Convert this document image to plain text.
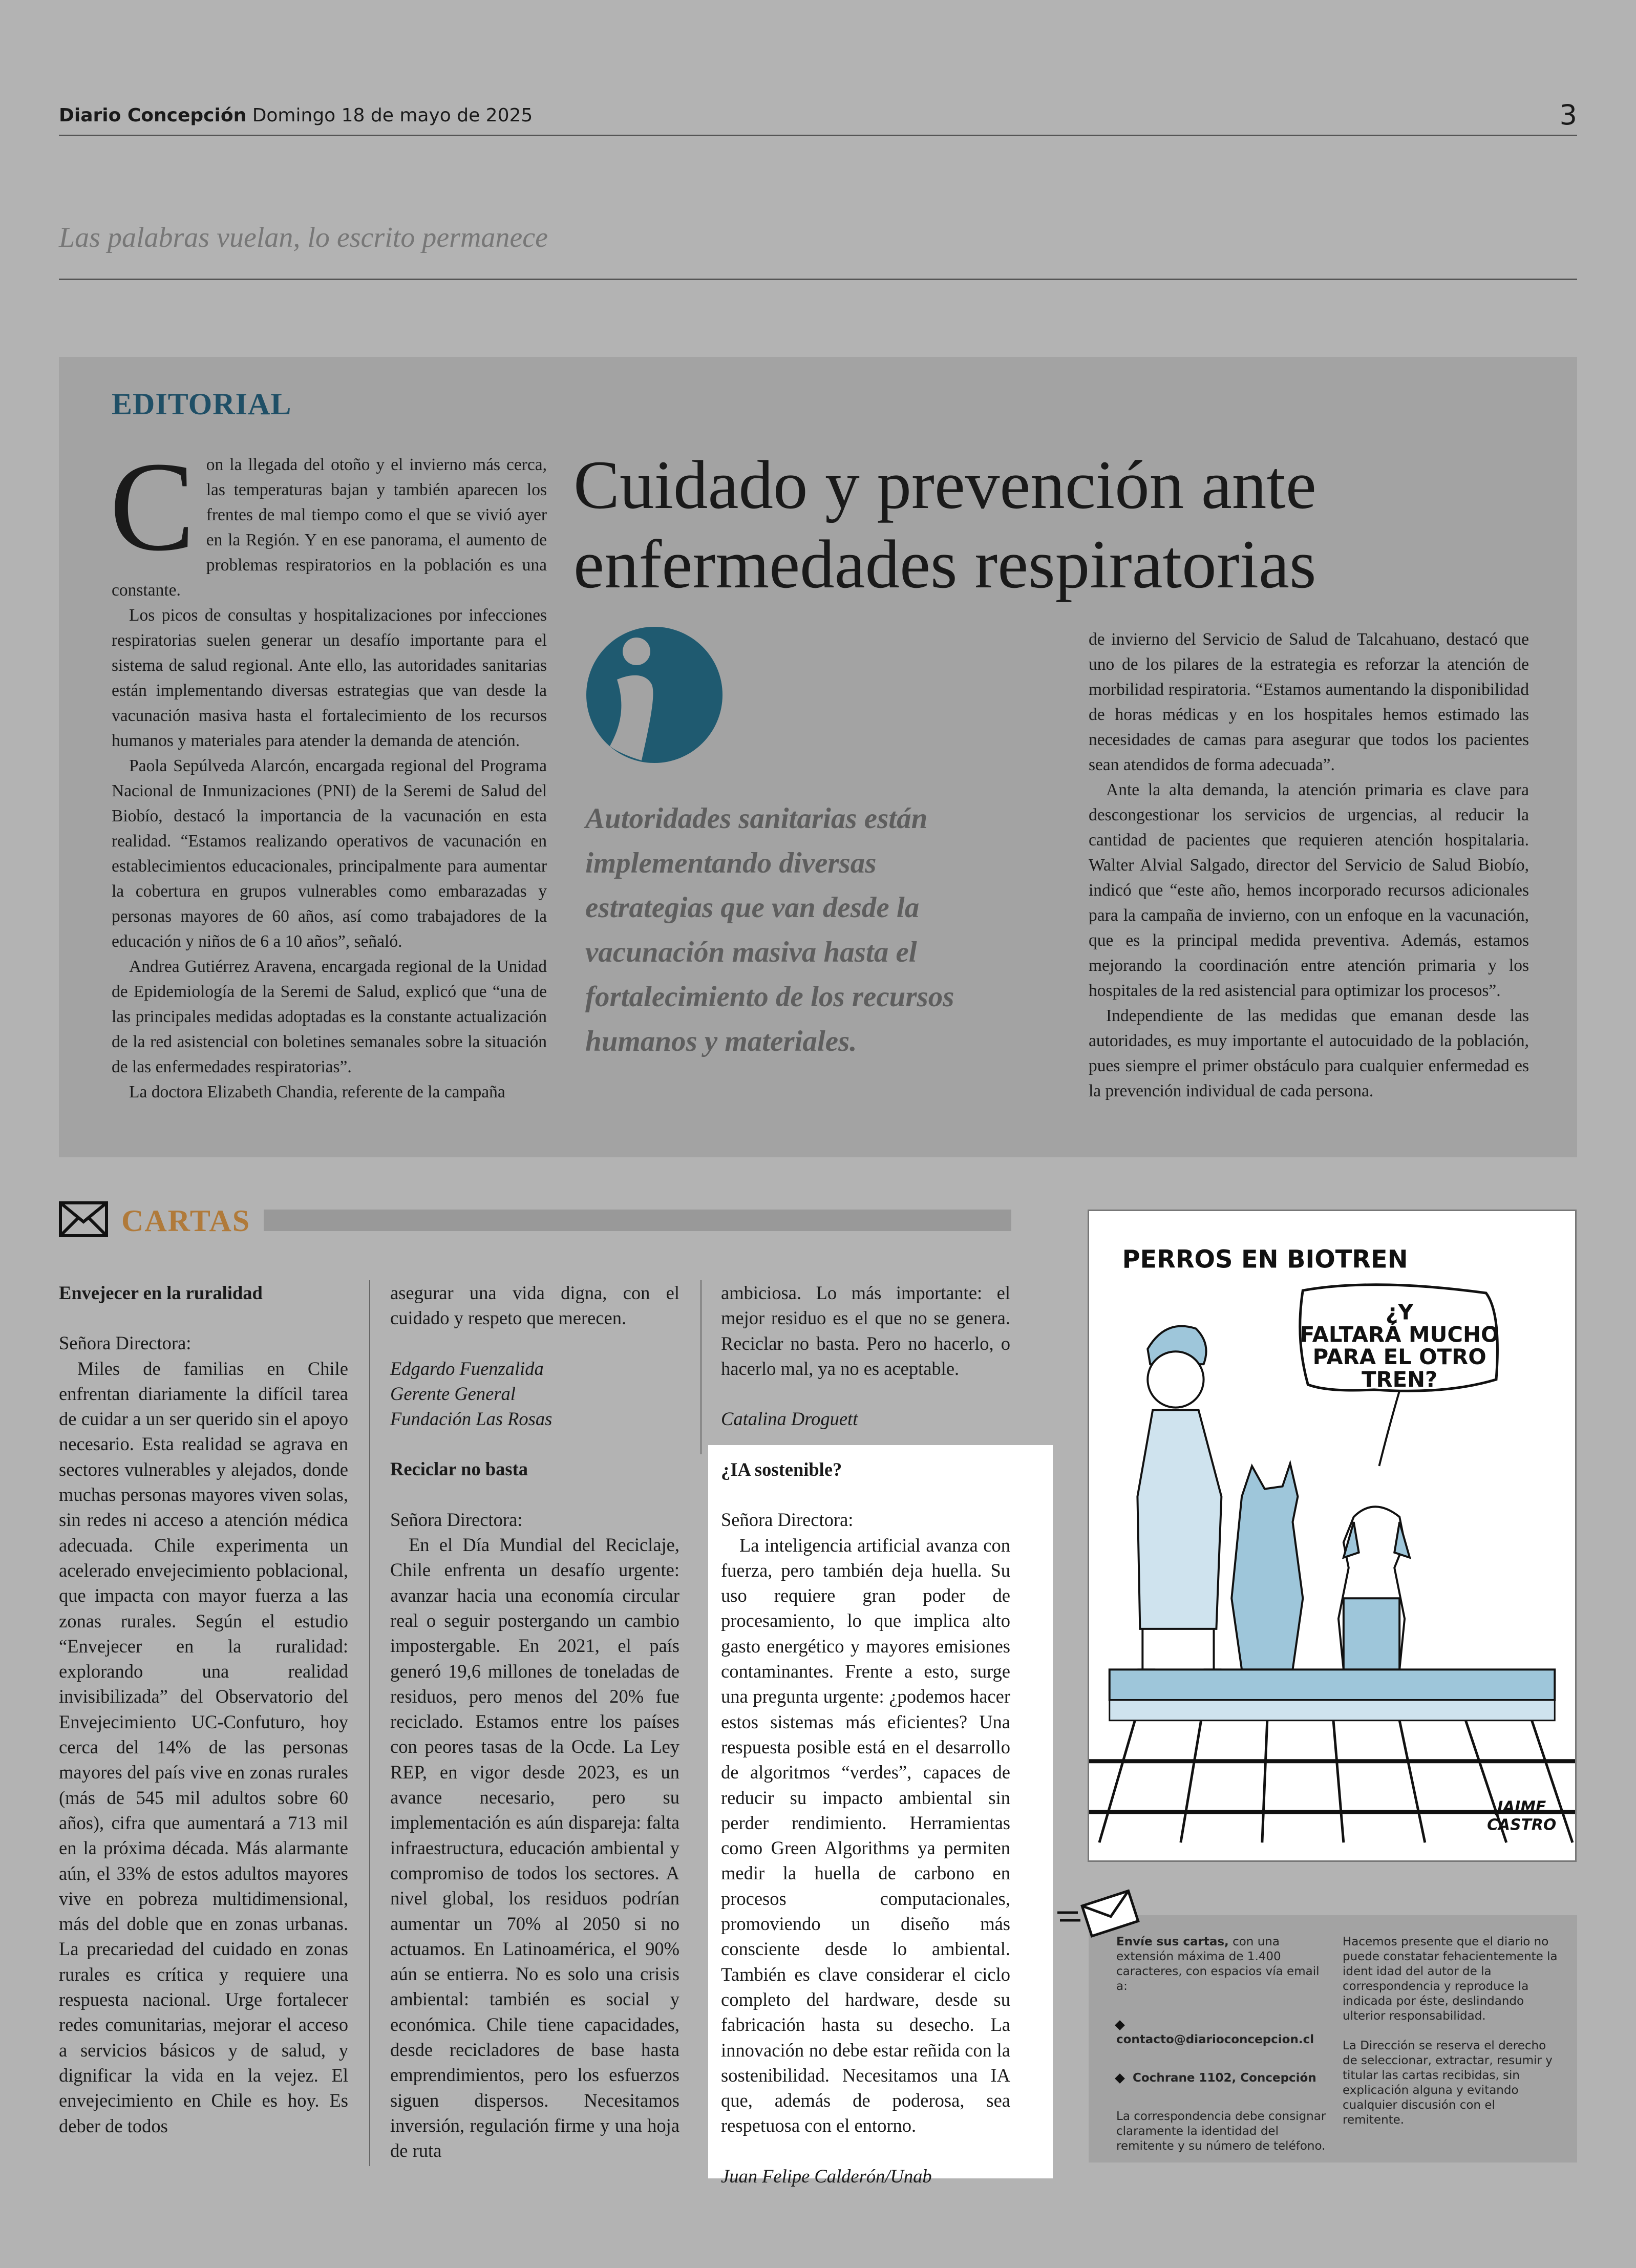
Diario Concepción Domingo 18 de mayo de 2025	3
Las palabras vuelan, lo escrito permanece
EDITORIAL
C on la llegada del otoño y el invierno más cerca, las temperaturas bajan y también aparecen los frentes de mal tiempo como el que se vivió ayer en la Región. Y en ese panorama, el aumento de problemas respiratorios en la población es una constante.

Los picos de consultas y hospitalizaciones por infecciones respiratorias suelen generar un desafío importante para el sistema de salud regional. Ante ello, las autoridades sanitarias están implementando diversas estrategias que van desde la vacunación masiva hasta el fortalecimiento de los recursos humanos y materiales para atender la demanda de atención.

Paola Sepúlveda Alarcón, encargada regional del Programa Nacional de Inmunizaciones (PNI) de la Seremi de Salud del Biobío, destacó la importancia de la vacunación en esta realidad. “Estamos realizando operativos de vacunación en establecimientos educacionales, principalmente para aumentar la cobertura en grupos vulnerables como embarazadas y personas mayores de 60 años, así como trabajadores de la educación y niños de 6 a 10 años”, señaló.

Andrea Gutiérrez Aravena, encargada regional de la Unidad de Epidemiología de la Seremi de Salud, explicó que “una de las principales medidas adoptadas es la constante actualización de la red asistencial con boletines semanales sobre la situación de las enfermedades respiratorias”.

La doctora Elizabeth Chandia, referente de la campaña

Cuidado y prevención ante enfermedades respiratorias
Autoridades sanitarias están implementando diversas estrategias que van desde la vacunación masiva hasta el fortalecimiento de los recursos humanos y materiales.

de invierno del Servicio de Salud de Talcahuano, destacó que uno de los pilares de la estrategia es reforzar la atención de morbilidad respiratoria. “Estamos aumentando la disponibilidad de horas médicas y en los hospitales hemos estimado las necesidades de camas para asegurar que todos los pacientes sean atendidos de forma adecuada”.

Ante la alta demanda, la atención primaria es clave para descongestionar los servicios de urgencias, al reducir la cantidad de pacientes que requieren atención hospitalaria. Walter Alvial Salgado, director del Servicio de Salud Biobío, indicó que “este año, hemos incorporado recursos adicionales para la campaña de invierno, con un enfoque en la vacunación, que es la principal medida preventiva. Además, estamos mejorando la coordinación entre atención primaria y los hospitales de la red asistencial para optimizar los procesos”.

Independiente de las medidas que emanan desde las autoridades, es muy importante el autocuidado de la población, pues siempre el primer obstáculo para cualquier enfermedad es la prevención individual de cada persona.

CARTAS

Envejecer en la ruralidad

Señora Directora:

Miles de familias en Chile enfrentan diariamente la difícil tarea de cuidar a un ser querido sin el apoyo necesario. Esta realidad se agrava en sectores vulnerables y alejados, donde muchas personas mayores viven solas, sin redes ni acceso a atención médica adecuada. Chile experimenta un acelerado envejecimiento poblacional, que impacta con mayor fuerza a las zonas rurales. Según el estudio “Envejecer en la ruralidad: explorando una realidad invisibilizada” del Observatorio del Envejecimiento UC-Confuturo, hoy cerca del 14% de las personas mayores del país vive en zonas rurales (más de 545 mil adultos sobre 60 años), cifra que aumentará a 713 mil en la próxima década. Más alarmante aún, el 33% de estos adultos mayores vive en pobreza multidimensional, más del doble que en zonas urbanas. La precariedad del cuidado en zonas rurales es crítica y requiere una respuesta nacional. Urge fortalecer redes comunitarias, mejorar el acceso a servicios básicos y de salud, y dignificar la vida en la vejez. El envejecimiento en Chile es hoy. Es deber de todos

asegurar una vida digna, con el cuidado y respeto que merecen.

Edgardo Fuenzalida

Gerente General

Fundación Las Rosas

Reciclar no basta

Señora Directora:

En el Día Mundial del Reciclaje, Chile enfrenta un desafío urgente: avanzar hacia una economía circular real o seguir postergando un cambio impostergable. En 2021, el país generó 19,6 millones de toneladas de residuos, pero menos del 20% fue reciclado. Estamos entre los países con peores tasas de la Ocde. La Ley REP, en vigor desde 2023, es un avance necesario, pero su implementación es aún dispareja: falta infraestructura, educación ambiental y compromiso de todos los sectores. A nivel global, los residuos podrían aumentar un 70% al 2050 si no actuamos. En Latinoamérica, el 90% aún se entierra. No es solo una crisis ambiental: también es social y económica. Chile tiene capacidades, desde recicladores de base hasta emprendimientos, pero los esfuerzos siguen dispersos. Necesitamos inversión, regulación firme y una hoja de ruta

ambiciosa. Lo más importante: el mejor residuo es el que no se genera. Reciclar no basta. Pero no hacerlo, o hacerlo mal, ya no es aceptable.

Catalina Droguett

¿IA sostenible?

Señora Directora:

La inteligencia artificial avanza con fuerza, pero también deja huella. Su uso requiere gran poder de procesamiento, lo que implica alto gasto energético y mayores emisiones contaminantes. Frente a esto, surge una pregunta urgente: ¿podemos hacer estos sistemas más eficientes? Una respuesta posible está en el desarrollo de algoritmos “verdes”, capaces de reducir su impacto ambiental sin perder rendimiento. Herramientas como Green Algorithms ya permiten medir la huella de carbono en procesos computacionales, promoviendo un diseño más consciente desde lo ambiental. También es clave considerar el ciclo completo del hardware, desde su fabricación hasta su desecho. La innovación no debe estar reñida con la sostenibilidad. Necesitamos una IA que, además de poderosa, sea respetuosa con el entorno.

Juan Felipe Calderón/Unab

PERROS EN BIOTREN
¿Y
FALTARÁ MUCHO
PARA EL OTRO
TREN?
JAIME
CASTRO
Envíe sus cartas, con una extensión máxima de 1.400 caracteres, con espacios vía email a:
contacto@diarioconcepcion.cl
Cochrane 1102, Concepción
La correspondencia debe consignar claramente la identidad del remitente y su número de teléfono.
Hacemos presente que el diario no puede constatar fehacientemente la ident idad del autor de la correspondencia y reproduce la indicada por éste, deslindando ulterior responsabilidad.
La Dirección se reserva el derecho de seleccionar, extractar, resumir y titular las cartas recibidas, sin explicación alguna y evitando cualquier discusión con el remitente.
